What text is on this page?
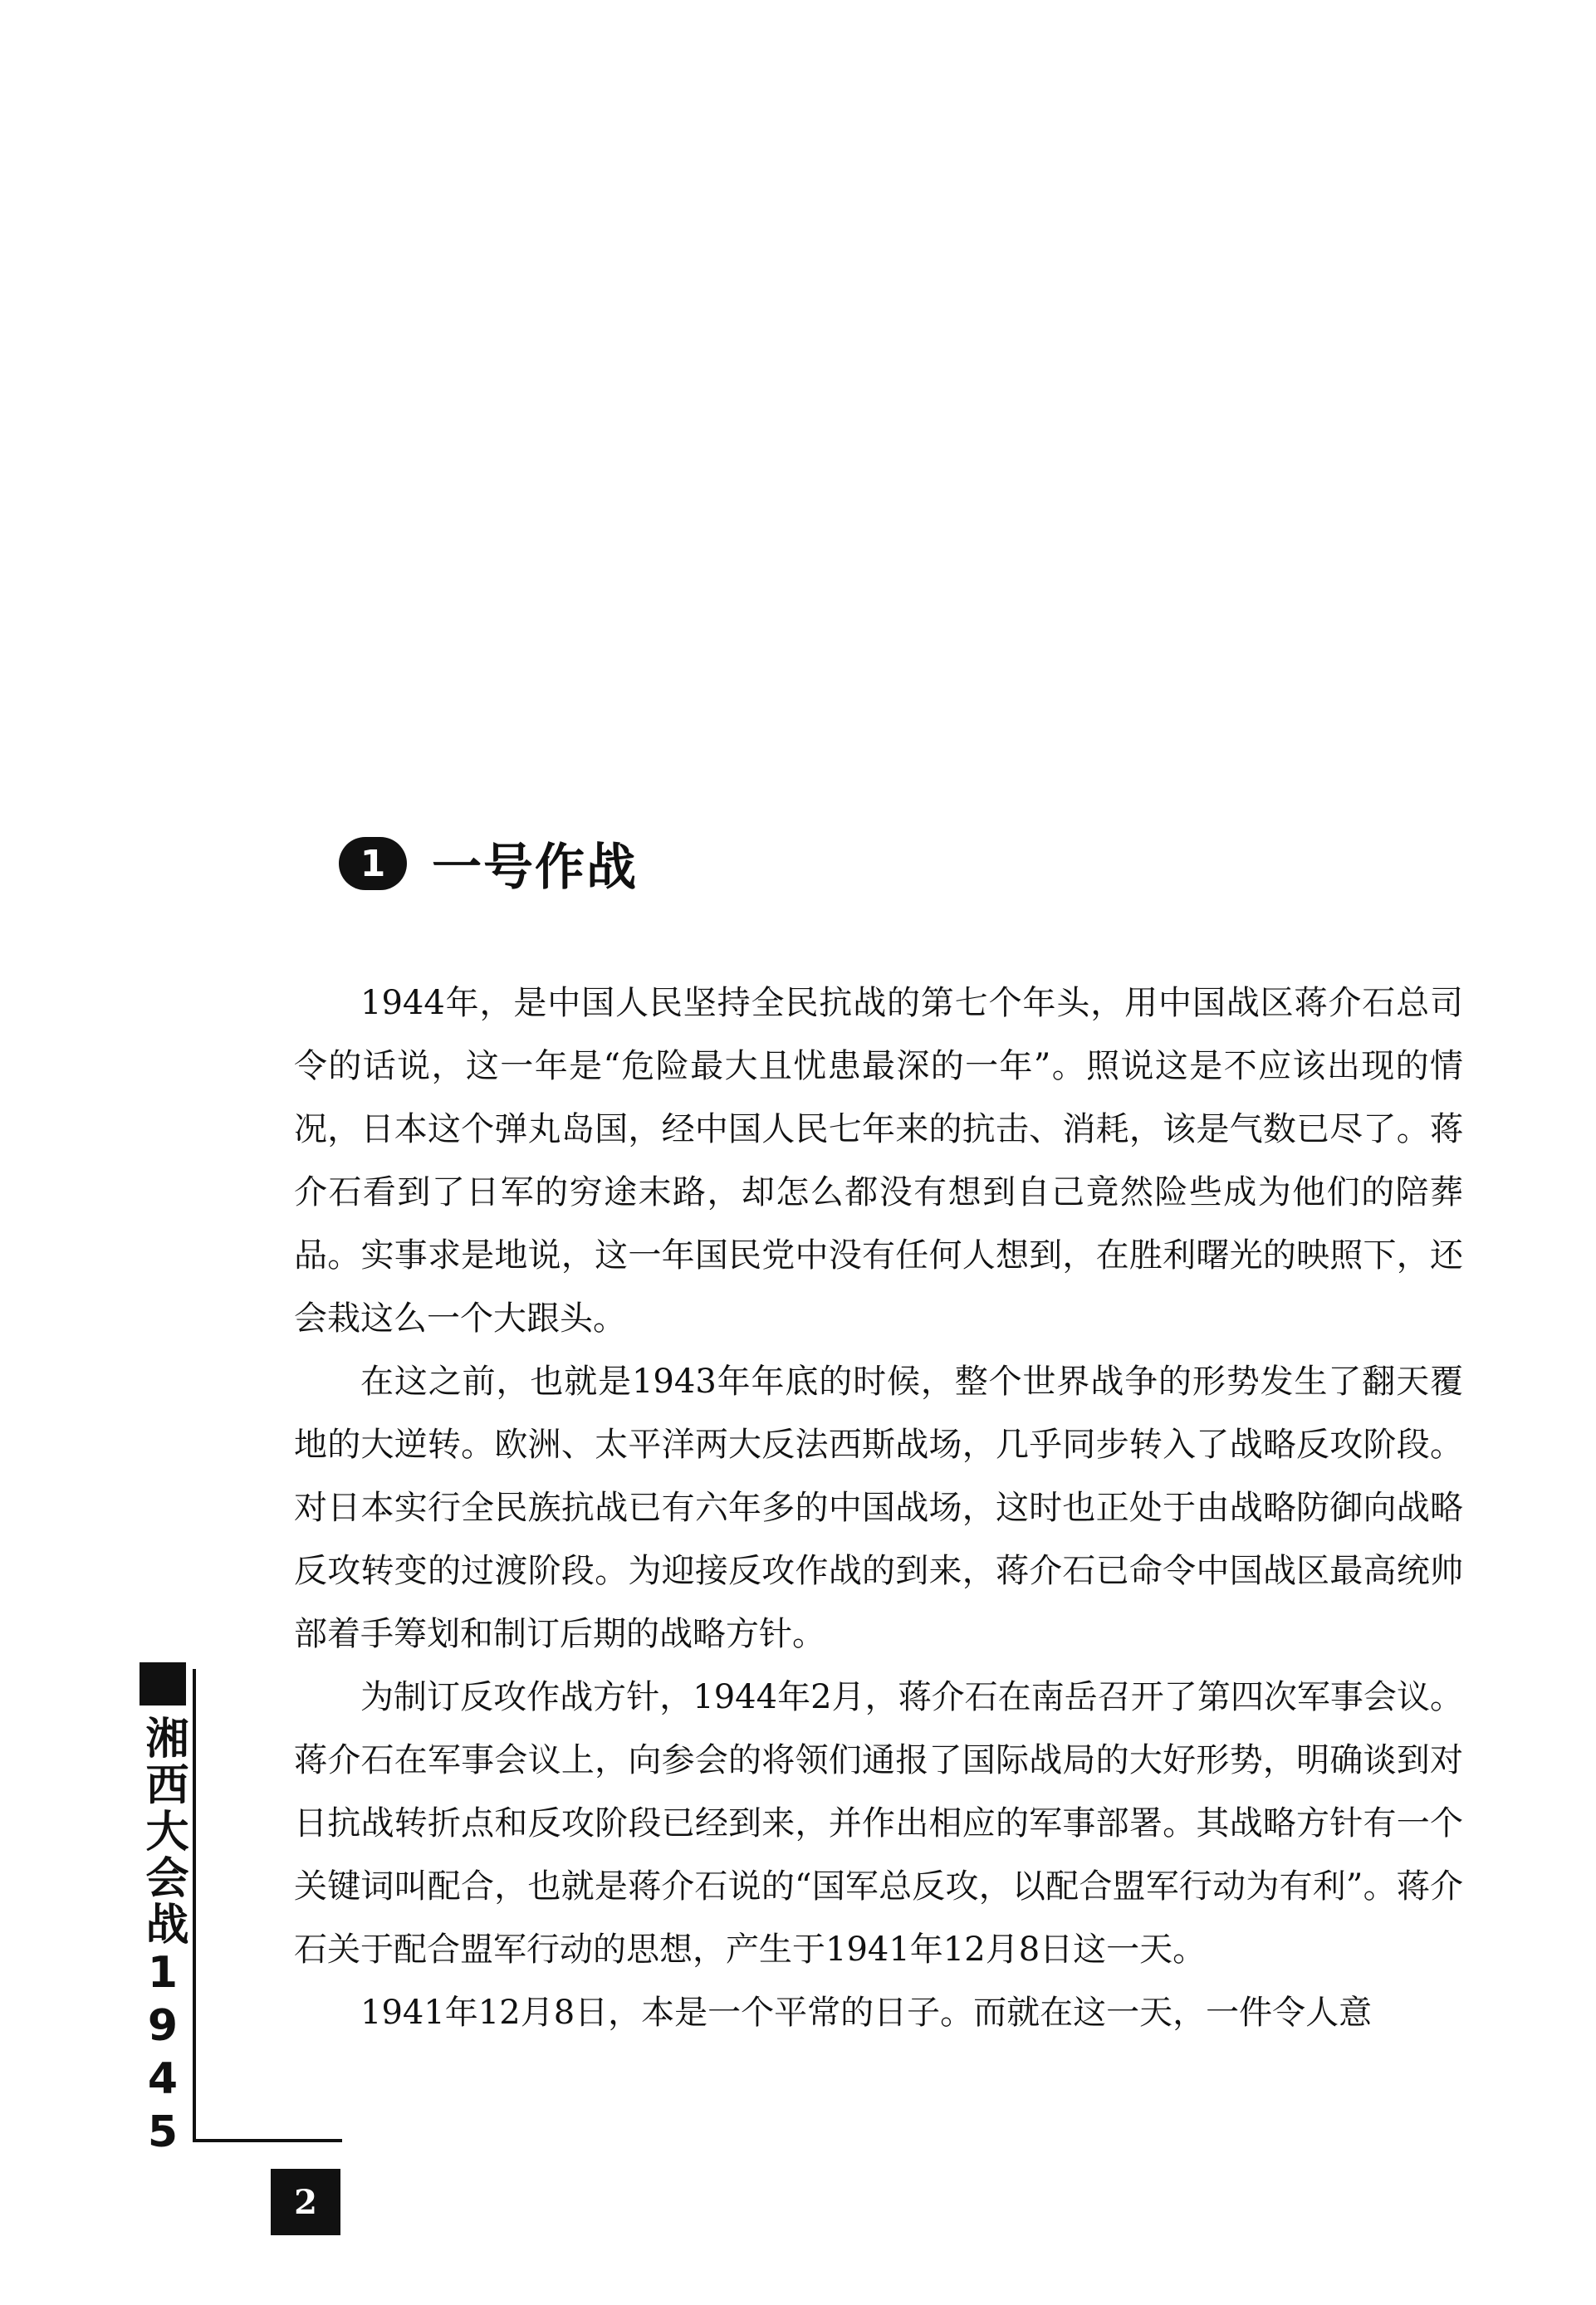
1 一号作战

1944年，是中国人民坚持全民抗战的第七个年头，用中国战区蒋介石总司令的话说，这一年是“危险最大且忧患最深的一年”。照说这是不应该出现的情况，日本这个弹丸岛国，经中国人民七年来的抗击、消耗，该是气数已尽了。蒋介石看到了日军的穷途末路，却怎么都没有想到自己竟然险些成为他们的陪葬品。实事求是地说，这一年国民党中没有任何人想到，在胜利曙光的映照下，还会栽这么一个大跟头。

在这之前，也就是1943年年底的时候，整个世界战争的形势发生了翻天覆地的大逆转。欧洲、太平洋两大反法西斯战场，几乎同步转入了战略反攻阶段。对日本实行全民族抗战已有六年多的中国战场，这时也正处于由战略防御向战略反攻转变的过渡阶段。为迎接反攻作战的到来，蒋介石已命令中国战区最高统帅部着手筹划和制订后期的战略方针。

为制订反攻作战方针，1944年2月，蒋介石在南岳召开了第四次军事会议。蒋介石在军事会议上，向参会的将领们通报了国际战局的大好形势，明确谈到对日抗战转折点和反攻阶段已经到来，并作出相应的军事部署。其战略方针有一个关键词叫配合，也就是蒋介石说的“国军总反攻，以配合盟军行动为有利”。蒋介石关于配合盟军行动的思想，产生于1941年12月8日这一天。

1941年12月8日，本是一个平常的日子。而就在这一天，一件令人意

湘西大会战1945
2
